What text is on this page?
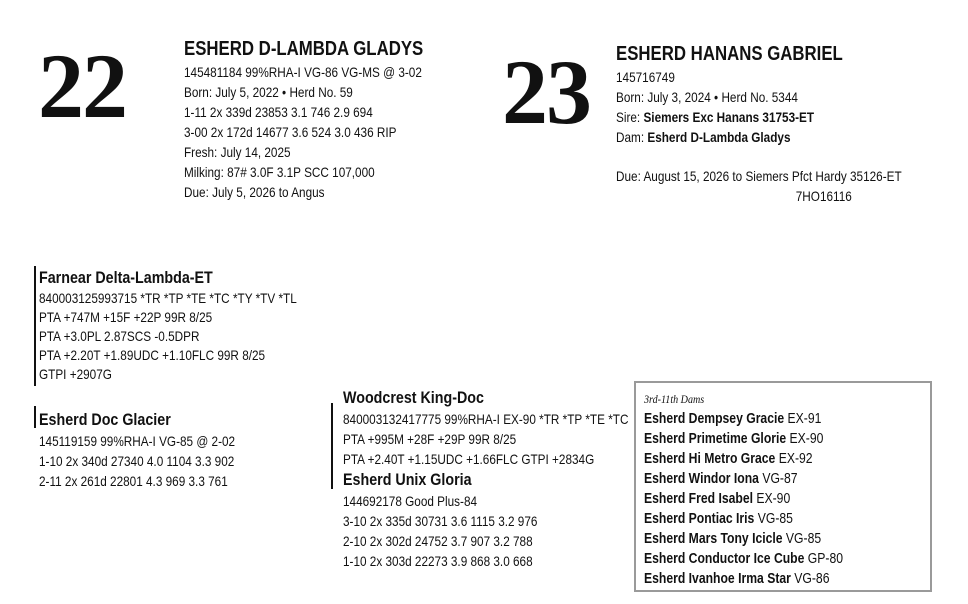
22	ESHERD D-LAMBDA GLADYS
145481184 99%RHA-I VG-86 VG-MS @ 3-02
Born: July 5, 2022 • Herd No. 59
1-11 2x 339d 23853 3.1 746 2.9 694
3-00 2x 172d 14677 3.6 524 3.0 436 RIP
Fresh: July 14, 2025
Milking: 87# 3.0F 3.1P SCC 107,000
Due: July 5, 2026 to Angus
23 ESHERD HANANS GABRIEL
145716749
Born: July 3, 2024 • Herd No. 5344
Sire: Siemers Exc Hanans 31753-ET
Dam: Esherd D-Lambda Gladys
Due: August 15, 2026 to Siemers Pfct Hardy 35126-ET
7HO16116
Farnear Delta-Lambda-ET
840003125993715 *TR *TP *TE *TC *TY *TV *TL
PTA +747M +15F +22P 99R 8/25
PTA +3.0PL 2.87SCS -0.5DPR
PTA +2.20T +1.89UDC +1.10FLC 99R 8/25
GTPI +2907G
Esherd Doc Glacier
145119159 99%RHA-I VG-85 @ 2-02
1-10 2x 340d 27340 4.0 1104 3.3 902
2-11 2x 261d 22801 4.3 969 3.3 761
Woodcrest King-Doc
840003132417775 99%RHA-I EX-90 *TR *TP *TE *TC
PTA +995M +28F +29P 99R 8/25
PTA +2.40T +1.15UDC +1.66FLC GTPI +2834G
Esherd Unix Gloria
144692178 Good Plus-84
3-10 2x 335d 30731 3.6 1115 3.2 976
2-10 2x 302d 24752 3.7 907 3.2 788
1-10 2x 303d 22273 3.9 868 3.0 668
3rd-11th Dams
Esherd Dempsey Gracie EX-91
Esherd Primetime Glorie EX-90
Esherd Hi Metro Grace EX-92
Esherd Windor Iona VG-87
Esherd Fred Isabel EX-90
Esherd Pontiac Iris VG-85
Esherd Mars Tony Icicle VG-85
Esherd Conductor Ice Cube GP-80
Esherd Ivanhoe Irma Star VG-86
